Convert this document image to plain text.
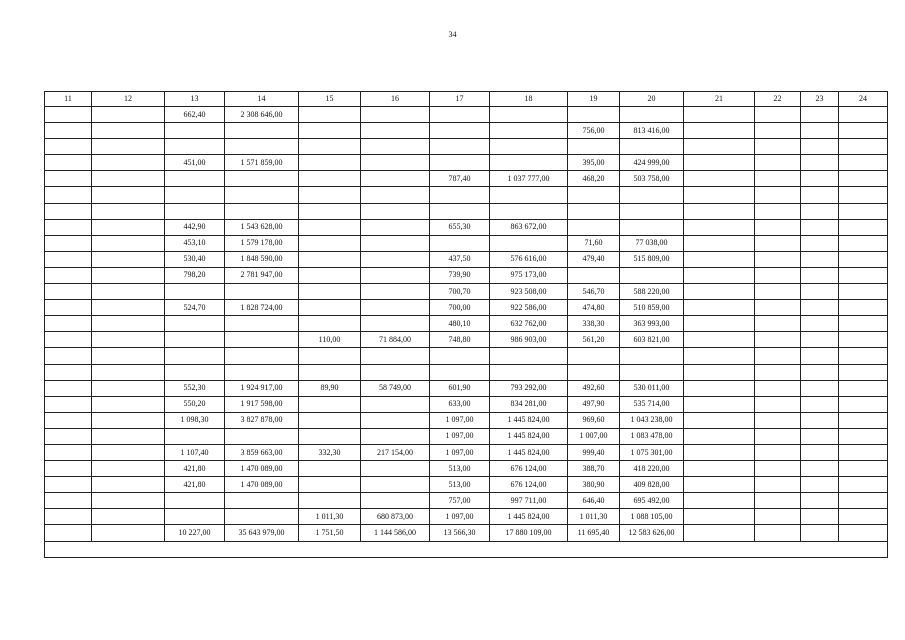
34
11	12	13	14	15	16	17	18	19	20	21	22	23	24
		662,40	2 308 646,00										
								756,00	813 416,00				

		451,00	1 571 859,00					395,00	424 999,00				
						787,40	1 037 777,00	468,20	503 758,00				

		442,90	1 543 628,00			655,30	863 672,00						
		453,10	1 579 178,00					71,60	77 038,00				
		530,40	1 848 590,00			437,50	576 616,00	479,40	515 809,00				
		798,20	2 781 947,00			739,90	975 173,00						
						700,70	923 508,00	546,70	588 220,00				
		524,70	1 828 724,00			700,00	922 586,00	474,80	510 859,00				
						480,10	632 762,00	338,30	363 993,00				
				110,00	71 884,00	748,80	986 903,00	561,20	603 821,00				

		552,30	1 924 917,00	89,90	58 749,00	601,90	793 292,00	492,60	530 011,00				
		550,20	1 917 598,00			633,00	834 281,00	497,90	535 714,00				
		1 098,30	3 827 878,00			1 097,00	1 445 824,00	969,60	1 043 238,00				
						1 097,00	1 445 824,00	1 007,00	1 083 478,00				
		1 107,40	3 859 663,00	332,30	217 154,00	1 097,00	1 445 824,00	999,40	1 075 301,00				
		421,80	1 470 089,00			513,00	676 124,00	388,70	418 220,00				
		421,80	1 470 089,00			513,00	676 124,00	380,90	409 828,00				
						757,00	997 711,00	646,40	695 492,00				
				1 011,30	680 873,00	1 097,00	1 445 824,00	1 011,30	1 088 105,00				
		10 227,00	35 643 979,00	1 751,50	1 144 586,00	13 566,30	17 880 109,00	11 695,40	12 583 626,00				
